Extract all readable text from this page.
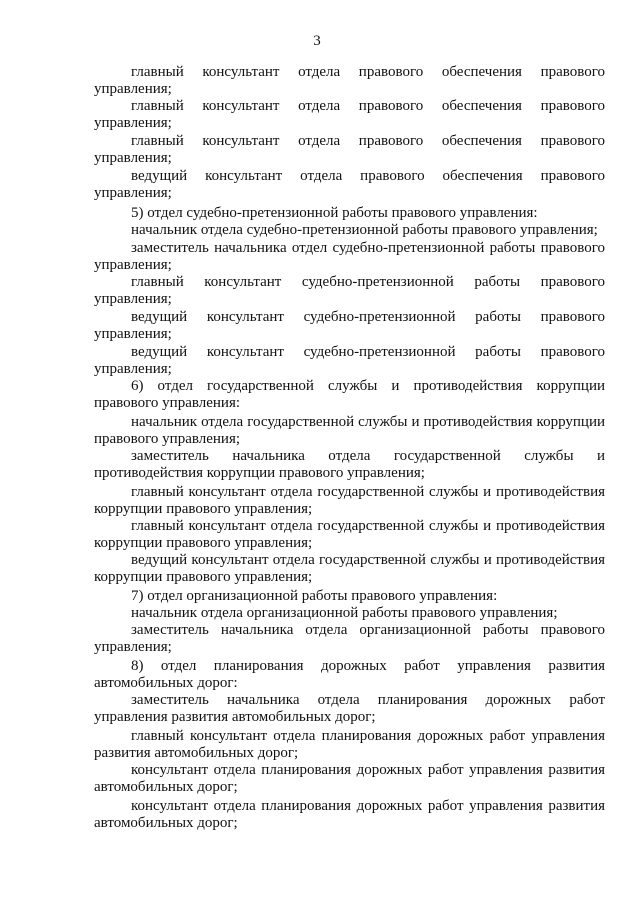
3
главный консультант отдела правового обеспечения правового
управления;
главный консультант отдела правового обеспечения правового
управления;
главный консультант отдела правового обеспечения правового
управления;
ведущий консультант отдела правового обеспечения правового
управления;
5) отдел судебно-претензионной работы правового управления:
начальник отдела судебно-претензионной работы правового управления;
заместитель начальника отдел судебно-претензионной работы правового
управления;
главный консультант судебно-претензионной работы правового
управления;
ведущий консультант судебно-претензионной работы правового
управления;
ведущий консультант судебно-претензионной работы правового
управления;
6) отдел государственной службы и противодействия коррупции
правового управления:
начальник отдела государственной службы и противодействия коррупции
правового управления;
заместитель начальника отдела государственной службы и
противодействия коррупции правового управления;
главный консультант отдела государственной службы и противодействия
коррупции правового управления;
главный консультант отдела государственной службы и противодействия
коррупции правового управления;
ведущий консультант отдела государственной службы и противодействия
коррупции правового управления;
7) отдел организационной работы правового управления:
начальник отдела организационной работы правового управления;
заместитель начальника отдела организационной работы правового
управления;
8) отдел планирования дорожных работ управления развития
автомобильных дорог:
заместитель начальника отдела планирования дорожных работ
управления развития автомобильных дорог;
главный консультант отдела планирования дорожных работ управления
развития автомобильных дорог;
консультант отдела планирования дорожных работ управления развития
автомобильных дорог;
консультант отдела планирования дорожных работ управления развития
автомобильных дорог;
